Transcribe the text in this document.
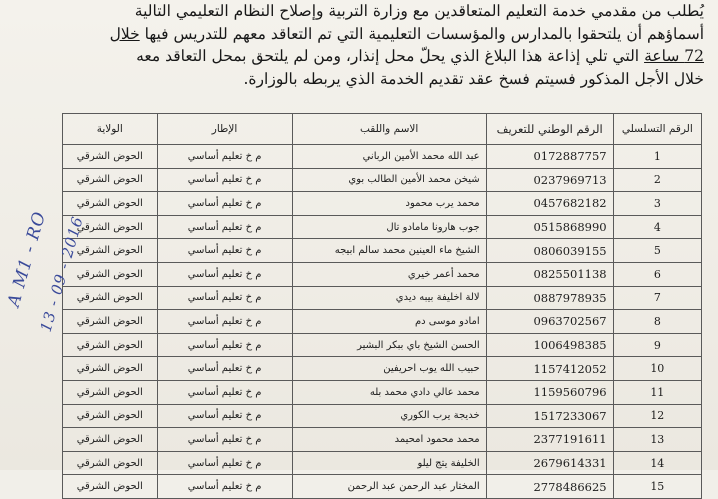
يُطلب من مقدمي خدمة التعليم المتعاقدين مع وزارة التربية وإصلاح النظام التعليمي التالية

أسماؤهم أن يلتحقوا بالمدارس والمؤسسات التعليمية التي تم التعاقد معهم للتدريس فيها خلال

72 ساعة التي تلي إذاعة هذا البلاغ الذي يحلّ محل إنذار، ومن لم يلتحق بمحل التعاقد معه

خلال الأجل المذكور فسيتم فسخ عقد تقديم الخدمة الذي يربطه بالوزارة.

الرقم التسلسلي	الرقم الوطني للتعريف	الاسم واللقب	الإطار	الولاية
1	0172887757	عبد الله محمد الأمين الرباني	م خ تعليم أساسي	الحوض الشرقي
2	0237969713	شيخن محمد الأمين الطالب بوي	م خ تعليم أساسي	الحوض الشرقي
3	0457682182	محمد يرب محمود	م خ تعليم أساسي	الحوض الشرقي
4	0515868990	جوب هارونا مامادو تال	م خ تعليم أساسي	الحوض الشرقي
5	0806039155	الشيخ ماء العينين محمد سالم ابيجه	م خ تعليم أساسي	الحوض الشرقي
6	0825501138	محمد أعمر خيري	م خ تعليم أساسي	الحوض الشرقي
7	0887978935	لالة اخليفة بيبه ديدي	م خ تعليم أساسي	الحوض الشرقي
8	0963702567	امادو موسى دم	م خ تعليم أساسي	الحوض الشرقي
9	1006498385	الحسن الشيخ باي ببكر البشير	م خ تعليم أساسي	الحوض الشرقي
10	1157412052	حبيب الله يوب احريفين	م خ تعليم أساسي	الحوض الشرقي
11	1159560796	محمد عالي دادي محمد بله	م خ تعليم أساسي	الحوض الشرقي
12	1517233067	خديجة يرب الكوري	م خ تعليم أساسي	الحوض الشرقي
13	2377191611	محمد محمود امحيمد	م خ تعليم أساسي	الحوض الشرقي
14	2679614331	الخليفة يتج ليلو	م خ تعليم أساسي	الحوض الشرقي
15	2778486625	المختار عبد الرحمن عبد الرحمن	م خ تعليم أساسي	الحوض الشرقي
A M1 - RO
13 - 09 - 2016
